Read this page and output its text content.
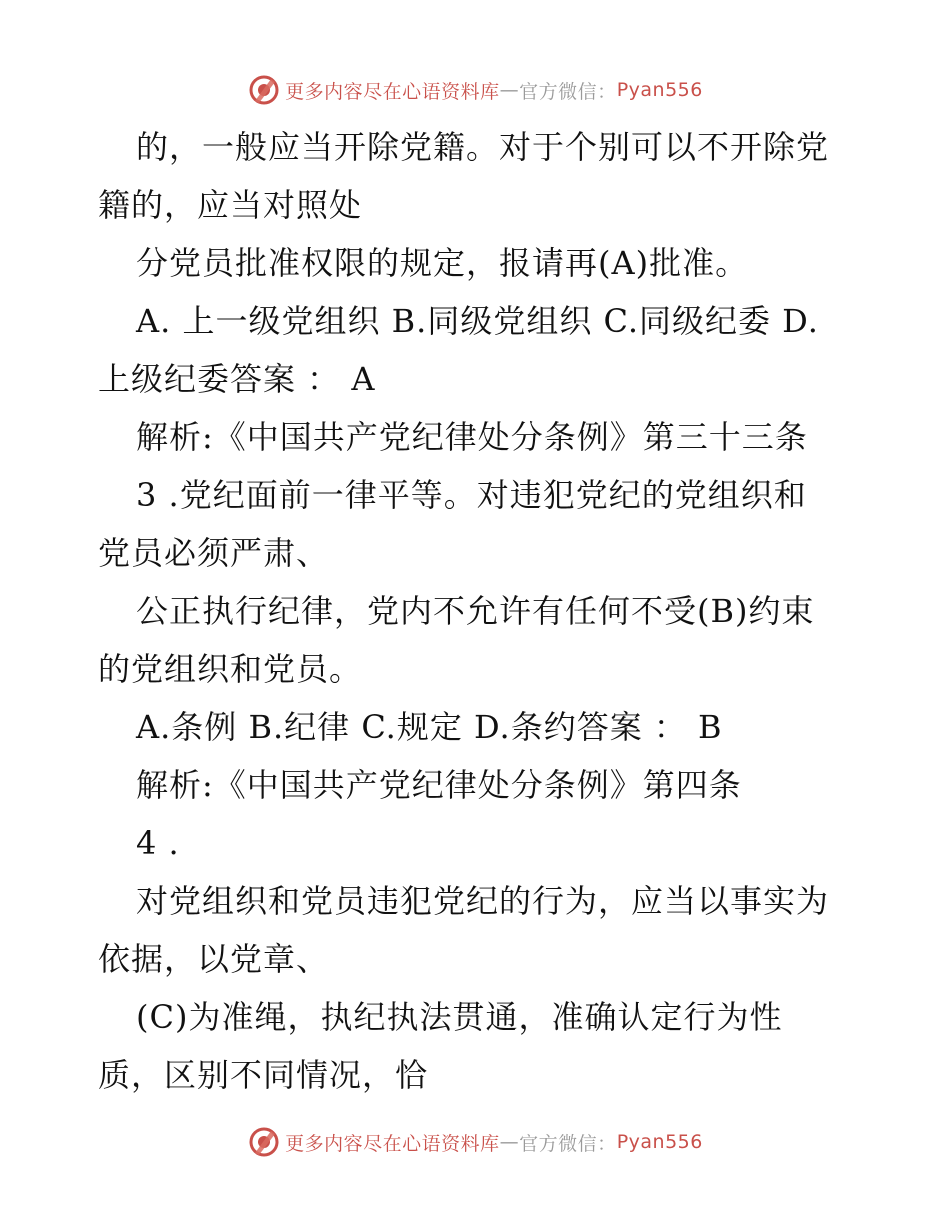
更多内容尽在心语资料库 — 官方微信： Pyan556
的，一般应当开除党籍。对于个别可以不开除党
籍的，应当对照处
分党员批准权限的规定，报请再(A)批准。
A. 上一级党组织 B.同级党组织 C.同级纪委 D.
上级纪委答案 ： A
解析:《中国共产党纪律处分条例》第三十三条
3 .党纪面前一律平等。对违犯党纪的党组织和
党员必须严肃、
公正执行纪律，党内不允许有任何不受(B)约束
的党组织和党员。
A.条例 B.纪律 C.规定 D.条约答案 ： B
解析:《中国共产党纪律处分条例》第四条
4 .
对党组织和党员违犯党纪的行为，应当以事实为
依据，以党章、
(C)为准绳，执纪执法贯通，准确认定行为性
质，区别不同情况，恰
更多内容尽在心语资料库 — 官方微信： Pyan556
